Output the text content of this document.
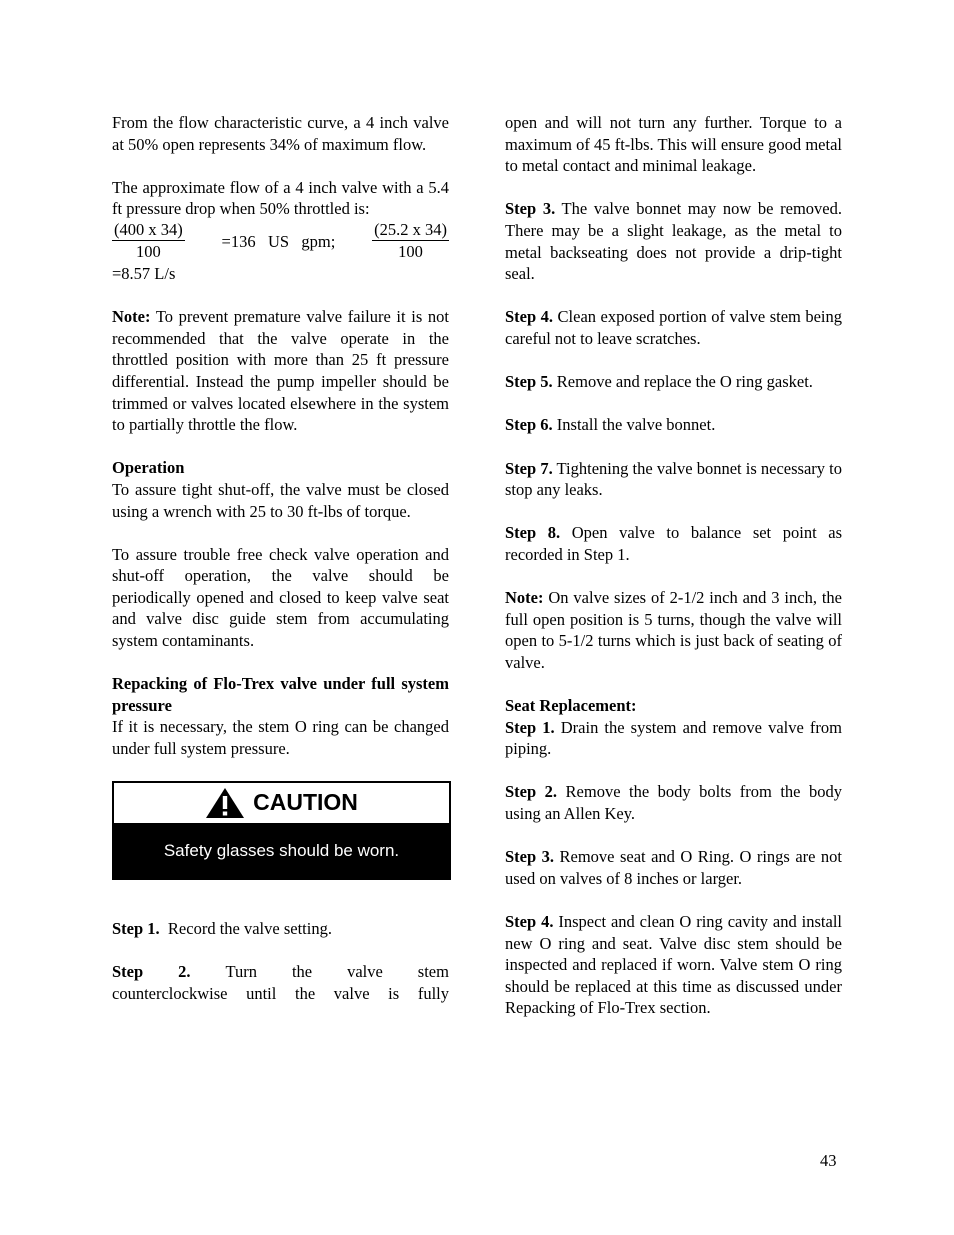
From the flow characteristic curve, a 4 inch valve at 50% open represents 34% of maximum flow.

The approximate flow of a 4 inch valve with a 5.4 ft pressure drop when 50% throttled is:

$\frac{(400 x 34)}{100} =136$   US   gpm; $\frac{(25.2 x 34)}{100}$

=8.57 L/s

Note: To prevent premature valve failure it is not recommended that the valve operate in the throttled position with more than 25 ft pressure differential. Instead the pump impeller should be trimmed or valves located elsewhere in the system to partially throttle the flow.

Operation

To assure tight shut-off, the valve must be closed using a wrench with 25 to 30 ft-lbs of torque.

To assure trouble free check valve operation and shut-off operation, the valve should be periodically opened and closed to keep valve seat and valve disc guide stem from accumulating system contaminants.

Repacking of Flo-Trex valve under full system pressure

If it is necessary, the stem O ring can be changed under full system pressure.

CAUTION
Safety glasses should be worn.

Step 1.  Record the valve setting.

Step 2. Turn the valve stem

counterclockwise until the valve is fully

open and will not turn any further. Torque to a maximum of 45 ft-lbs. This will ensure good metal to metal contact and minimal leakage.

Step 3. The valve bonnet may now be removed. There may be a slight leakage, as the metal to metal backseating does not provide a drip-tight seal.

Step 4. Clean exposed portion of valve stem being careful not to leave scratches.

Step 5. Remove and replace the O ring gasket.

Step 6. Install the valve bonnet.

Step 7. Tightening the valve bonnet is necessary to stop any leaks.

Step 8. Open valve to balance set point as recorded in Step 1.

Note: On valve sizes of 2-1/2 inch and 3 inch, the full open position is 5 turns, though the valve will open to 5-1/2 turns which is just back of seating of valve.

Seat Replacement:

Step 1. Drain the system and remove valve from piping.

Step 2. Remove the body bolts from the body using an Allen Key.

Step 3. Remove seat and O Ring. O rings are not used on valves of 8 inches or larger.

Step 4. Inspect and clean O ring cavity and install new O ring and seat. Valve disc stem should be inspected and replaced if worn. Valve stem O ring should be replaced at this time as discussed under Repacking of Flo-Trex section.

43
